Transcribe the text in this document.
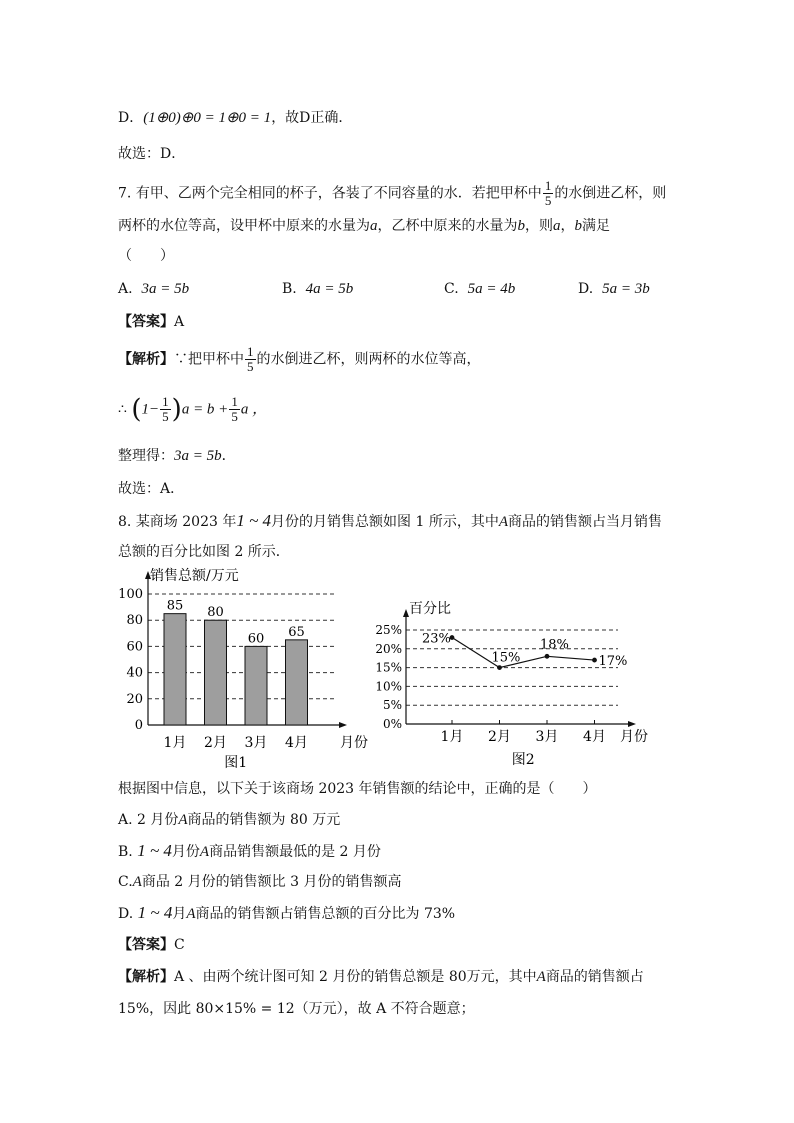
D．(1⊕0)⊕0 = 1⊕0 = 1，故D正确．
故选：D．
7. 有甲、乙两个完全相同的杯子，各装了不同容量的水．若把甲杯中 $\frac{1}{5}$ 的水倒进乙杯，则
两杯的水位等高，设甲杯中原来的水量为a，乙杯中原来的水量为b，则a，b满足
（　　）
A. 3a = 5b	B. 4a = 5b	C. 5a = 4b	D. 5a = 3b
【答案】A
【解析】∵把甲杯中 $\frac{1}{5}$ 的水倒进乙杯，则两杯的水位等高，
∴ $(1- \frac{1}{5} )a = b + \frac{1}{5}$ a ，
整理得：3a = 5b．
故选：A．
8. 某商场 2023 年1 ~ 4月份的月销售总额如图 1 所示，其中A商品的销售额占当月销售
总额的百分比如图 2 所示．
0
20
40
60
80
100
销售总额/万元
月份
85
1月
80
2月
60
3月
65
4月
图1
0%
5%
10%
15%
20%
25%
百分比
月份
23%
1月
15%
2月
18%
3月
17%
4月
图2
根据图中信息，以下关于该商场 2023 年销售额的结论中，正确的是（　　）
A. 2 月份A商品的销售额为 80 万元
B. 1 ~ 4月份A商品销售额最低的是 2 月份
C.A商品 2 月份的销售额比 3 月份的销售额高
D. 1 ~ 4月A商品的销售额占销售总额的百分比为 73%
【答案】C
【解析】A 、由两个统计图可知 2 月份的销售总额是 80万元，其中A商品的销售额占
15%，因此 80×15% = 12（万元），故 A 不符合题意；
